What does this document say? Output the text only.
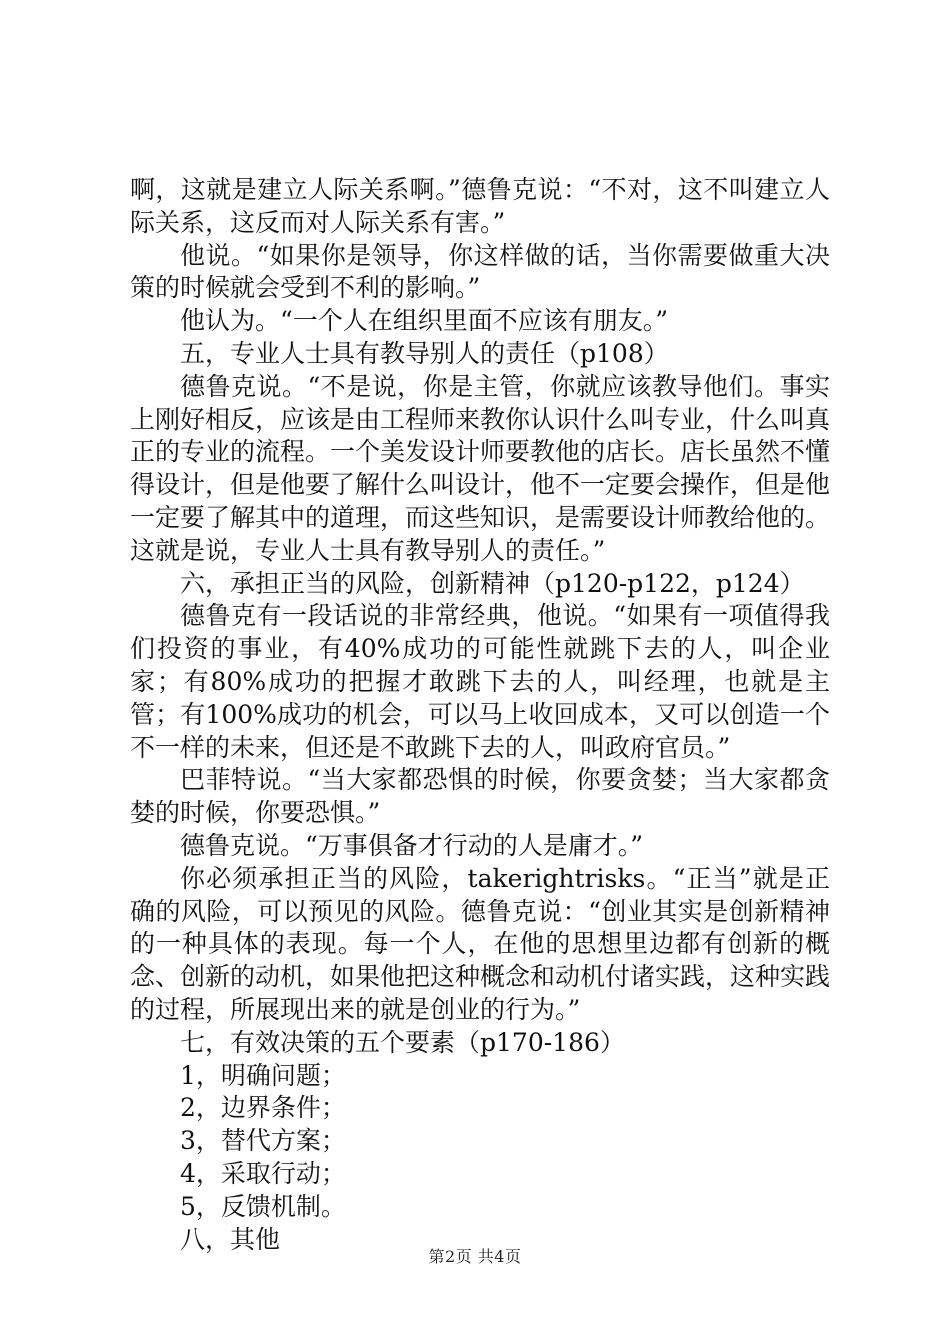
啊，这就是建立人际关系啊。”德鲁克说：“不对，这不叫建立人际关系，这反而对人际关系有害。”

他说。“如果你是领导，你这样做的话，当你需要做重大决策的时候就会受到不利的影响。”

他认为。“一个人在组织里面不应该有朋友。”

五，专业人士具有教导别人的责任（p108）

德鲁克说。“不是说，你是主管，你就应该教导他们。事实上刚好相反，应该是由工程师来教你认识什么叫专业，什么叫真正的专业的流程。一个美发设计师要教他的店长。店长虽然不懂得设计，但是他要了解什么叫设计，他不一定要会操作，但是他一定要了解其中的道理，而这些知识，是需要设计师教给他的。这就是说，专业人士具有教导别人的责任。”

六，承担正当的风险，创新精神（p120-p122，p124）

德鲁克有一段话说的非常经典，他说。“如果有一项值得我们投资的事业，有40%成功的可能性就跳下去的人，叫企业家；有80%成功的把握才敢跳下去的人，叫经理，也就是主管；有100%成功的机会，可以马上收回成本，又可以创造一个不一样的未来，但还是不敢跳下去的人，叫政府官员。”

巴菲特说。“当大家都恐惧的时候，你要贪婪；当大家都贪婪的时候，你要恐惧。”

德鲁克说。“万事俱备才行动的人是庸才。”

你必须承担正当的风险，takerightrisks。“正当”就是正确的风险，可以预见的风险。德鲁克说：“创业其实是创新精神的一种具体的表现。每一个人，在他的思想里边都有创新的概念、创新的动机，如果他把这种概念和动机付诸实践，这种实践的过程，所展现出来的就是创业的行为。”

七，有效决策的五个要素（p170-186）

1，明确问题；

2，边界条件；

3，替代方案；

4，采取行动；

5，反馈机制。

八，其他

第2页 共4页
